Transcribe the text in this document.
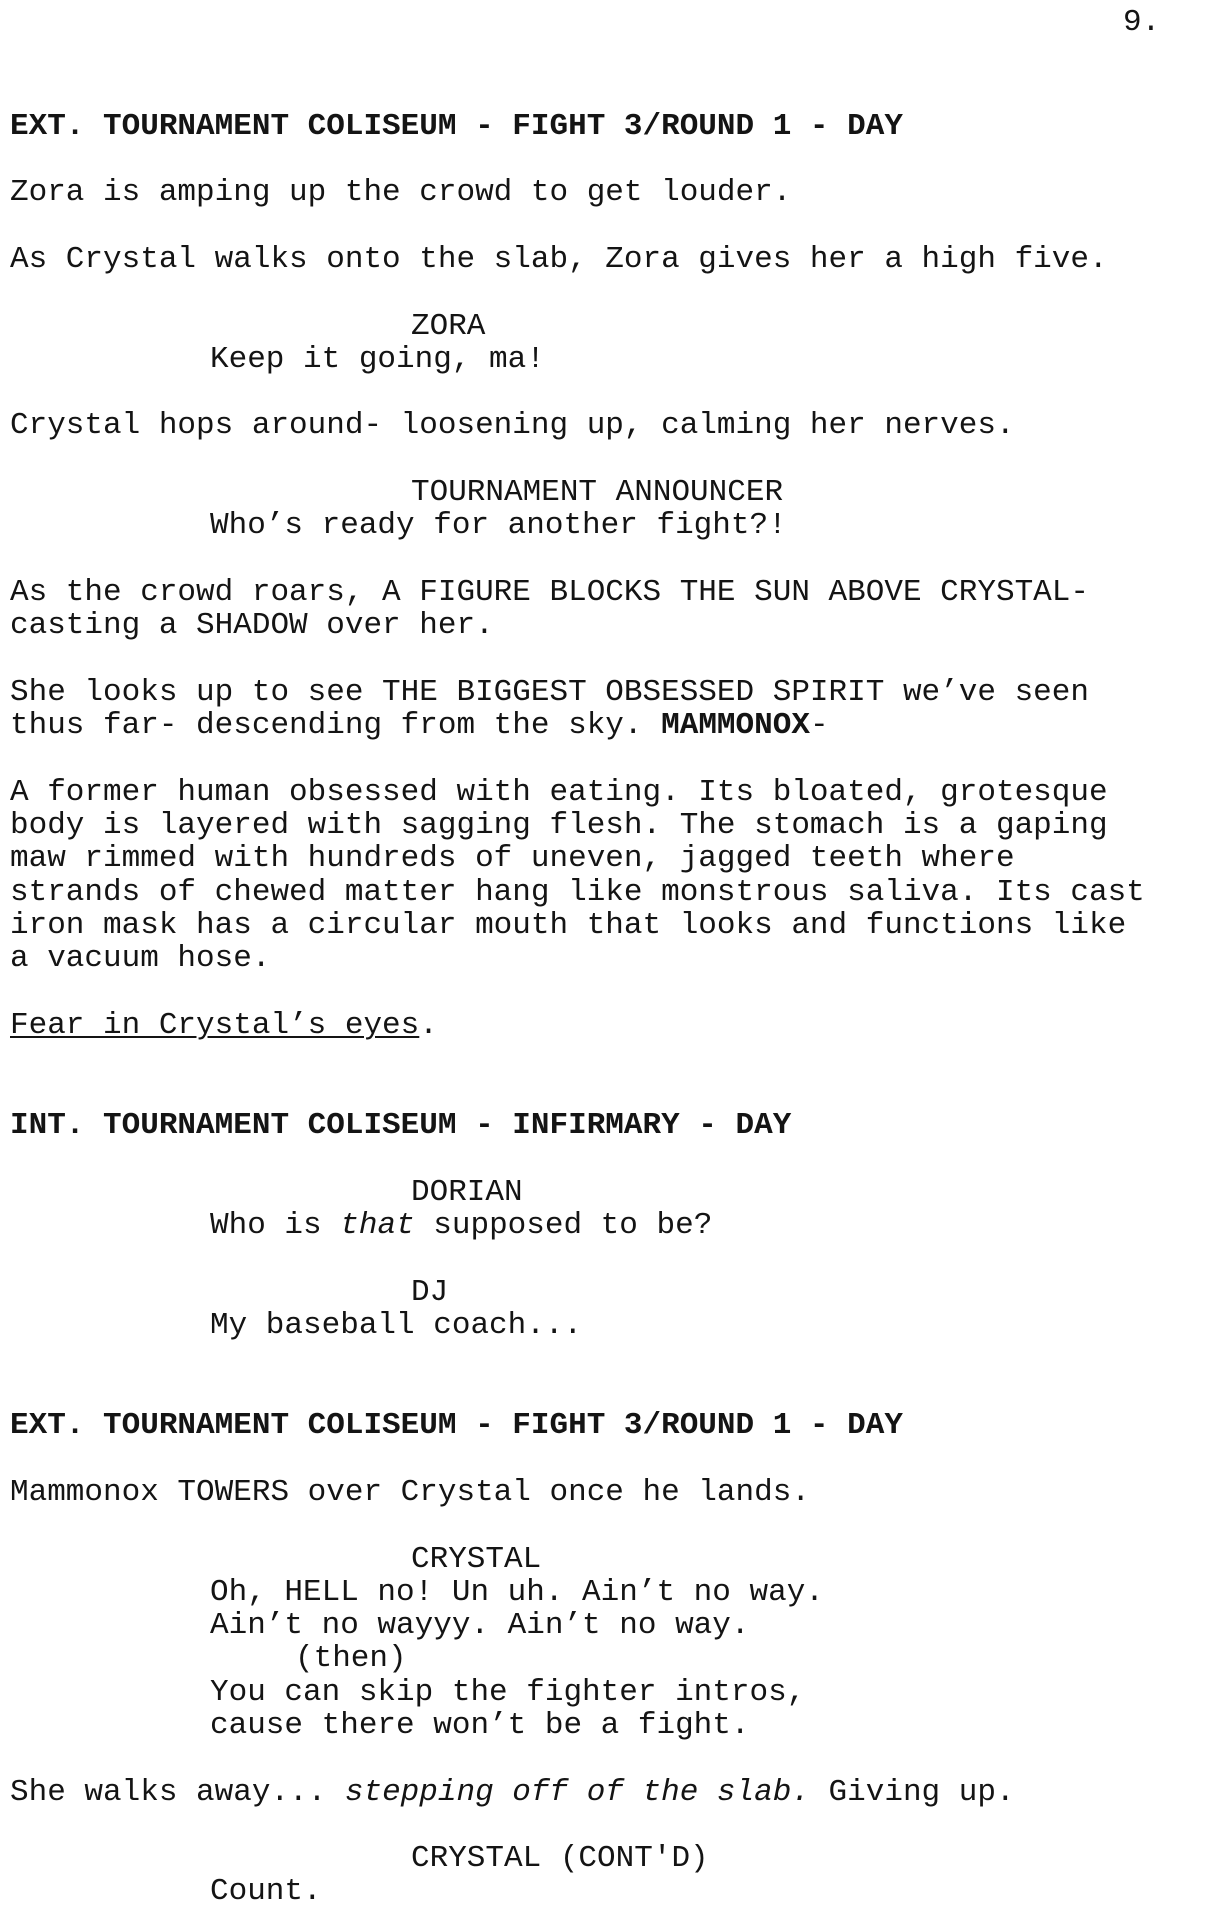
9.
EXT. TOURNAMENT COLISEUM - FIGHT 3/ROUND 1 - DAY
Zora is amping up the crowd to get louder.
As Crystal walks onto the slab, Zora gives her a high five.
ZORA
Keep it going, ma!
Crystal hops around- loosening up, calming her nerves.
TOURNAMENT ANNOUNCER
Who’s ready for another fight?!
As the crowd roars, A FIGURE BLOCKS THE SUN ABOVE CRYSTAL-
casting a SHADOW over her.
She looks up to see THE BIGGEST OBSESSED SPIRIT we’ve seen
thus far- descending from the sky. MAMMONOX-
A former human obsessed with eating. Its bloated, grotesque
body is layered with sagging flesh. The stomach is a gaping
maw rimmed with hundreds of uneven, jagged teeth where
strands of chewed matter hang like monstrous saliva. Its cast
iron mask has a circular mouth that looks and functions like
a vacuum hose.
Fear in Crystal’s eyes.
INT. TOURNAMENT COLISEUM - INFIRMARY - DAY
DORIAN
Who is that supposed to be?
DJ
My baseball coach...
EXT. TOURNAMENT COLISEUM - FIGHT 3/ROUND 1 - DAY
Mammonox TOWERS over Crystal once he lands.
CRYSTAL
Oh, HELL no! Un uh. Ain’t no way.
Ain’t no wayyy. Ain’t no way.
(then)
You can skip the fighter intros,
cause there won’t be a fight.
She walks away... stepping off of the slab. Giving up.
CRYSTAL (CONT'D)
Count.
